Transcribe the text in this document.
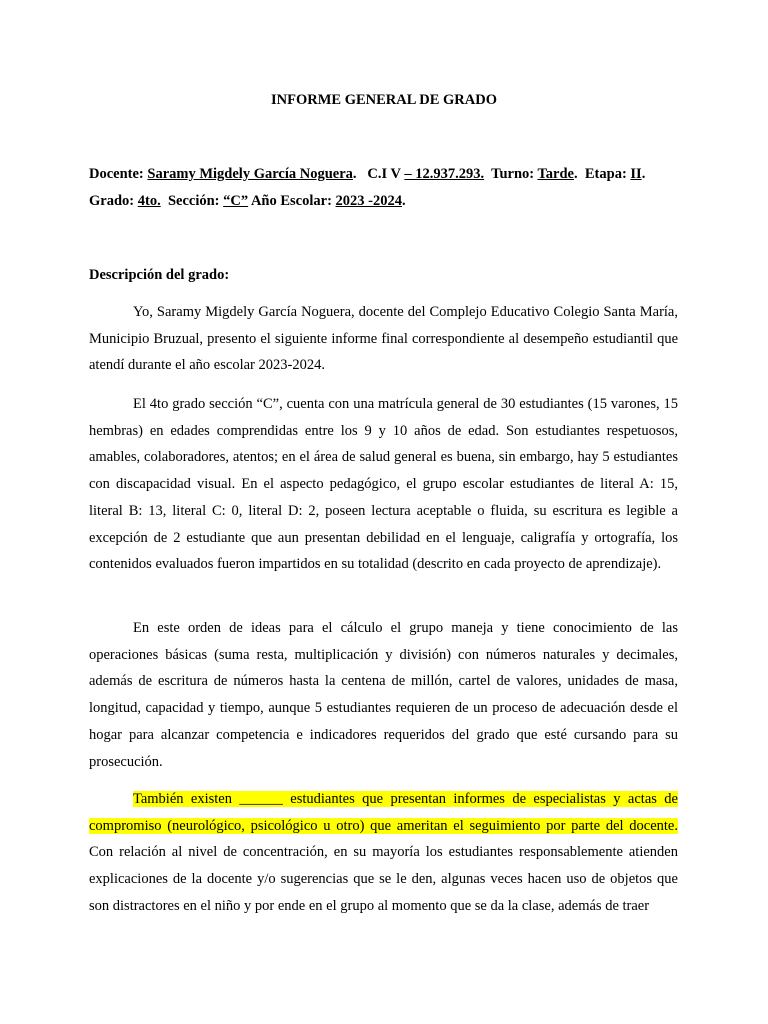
INFORME GENERAL DE GRADO

Docente: Saramy Migdely García Noguera.   C.I V – 12.937.293. Turno: Tarde.  Etapa: II.

Grado: 4to. Sección: “C” Año Escolar: 2023 -2024.

Descripción del grado:

Yo, Saramy Migdely García Noguera, docente del Complejo Educativo Colegio Santa María, Municipio Bruzual, presento el siguiente informe final correspondiente al desempeño estudiantil que atendí durante el año escolar 2023-2024.

El 4to grado sección “C”, cuenta con una matrícula general de 30 estudiantes (15 varones, 15 hembras) en edades comprendidas entre los 9 y 10 años de edad. Son estudiantes respetuosos, amables, colaboradores, atentos; en el área de salud general es buena, sin embargo, hay 5 estudiantes con discapacidad visual. En el aspecto pedagógico, el grupo escolar estudiantes de literal A: 15, literal B: 13, literal C: 0, literal D: 2, poseen lectura aceptable o fluida, su escritura es legible a excepción de 2 estudiante que aun presentan debilidad en el lenguaje, caligrafía y ortografía, los contenidos evaluados fueron impartidos en su totalidad (descrito en cada proyecto de aprendizaje).

En este orden de ideas para el cálculo el grupo maneja y tiene conocimiento de las operaciones básicas (suma resta, multiplicación y división) con números naturales y decimales, además de escritura de números hasta la centena de millón, cartel de valores, unidades de masa, longitud, capacidad y tiempo, aunque 5 estudiantes requieren de un proceso de adecuación desde el hogar para alcanzar competencia e indicadores requeridos del grado que esté cursando para su prosecución.

También existen ______ estudiantes que presentan informes de especialistas y actas de compromiso (neurológico, psicológico u otro) que ameritan el seguimiento por parte del docente. Con relación al nivel de concentración, en su mayoría los estudiantes responsablemente atienden explicaciones de la docente y/o sugerencias que se le den, algunas veces hacen uso de objetos que son distractores en el niño y por ende en el grupo al momento que se da la clase, además de traer
